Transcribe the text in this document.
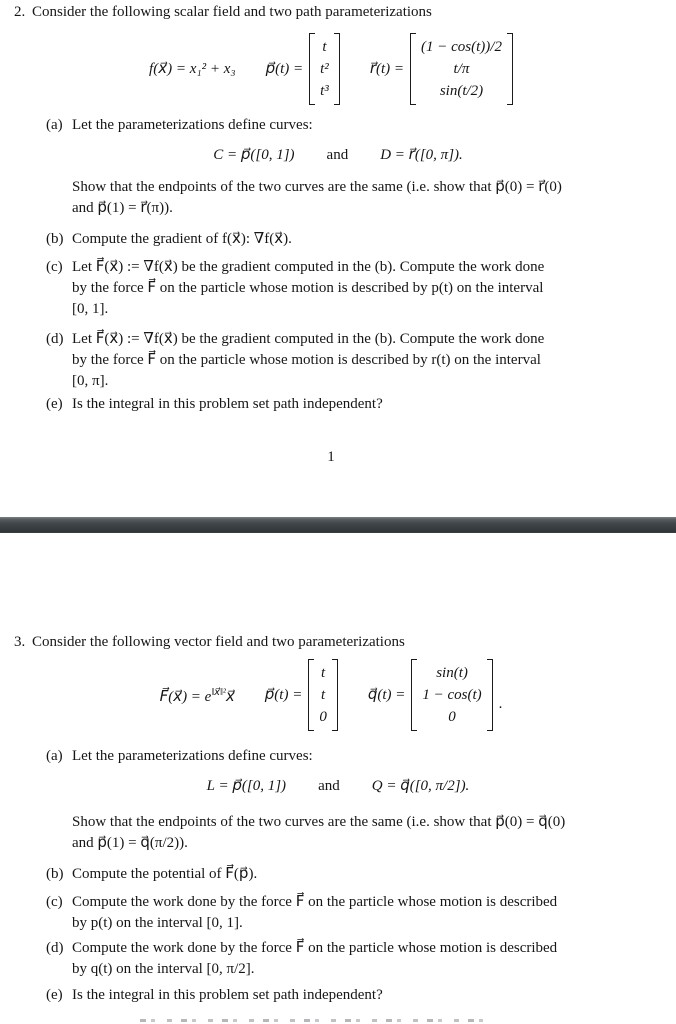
2. Consider the following scalar field and two path parameterizations
f(x⃗) = x₁² + x₃ p⃗(t) =
t
t²
t³
r⃗(t) =
(1 − cos(t))/2
t/π
sin(t/2)
(a) Let the parameterizations define curves:
C = p⃗([0, 1]) and D = r⃗([0, π]).
Show that the endpoints of the two curves are the same (i.e. show that p⃗(0) = r⃗(0)
and p⃗(1) = r⃗(π)).
(b) Compute the gradient of f(x⃗): ∇f(x⃗).
(c) Let F⃗(x⃗) := ∇f(x⃗) be the gradient computed in the (b). Compute the work done
by the force F⃗ on the particle whose motion is described by p(t) on the interval
[0, 1].
(d) Let F⃗(x⃗) := ∇f(x⃗) be the gradient computed in the (b). Compute the work done
by the force F⃗ on the particle whose motion is described by r(t) on the interval
[0, π].
(e) Is the integral in this problem set path independent?
1
3. Consider the following vector field and two parameterizations
F⃗(x⃗) = $e^{‖x⃗‖^2}x⃗$ p⃗(t) =
t
t
0
q⃗(t) =
sin(t)
1 − cos(t)
0
.
(a) Let the parameterizations define curves:
L = p⃗([0, 1]) and Q = q⃗([0, π/2]).
Show that the endpoints of the two curves are the same (i.e. show that p⃗(0) = q⃗(0)
and p⃗(1) = q⃗(π/2)).
(b) Compute the potential of F⃗(p⃗).
(c) Compute the work done by the force F⃗ on the particle whose motion is described
by p(t) on the interval [0, 1].
(d) Compute the work done by the force F⃗ on the particle whose motion is described
by q(t) on the interval [0, π/2].
(e) Is the integral in this problem set path independent?
